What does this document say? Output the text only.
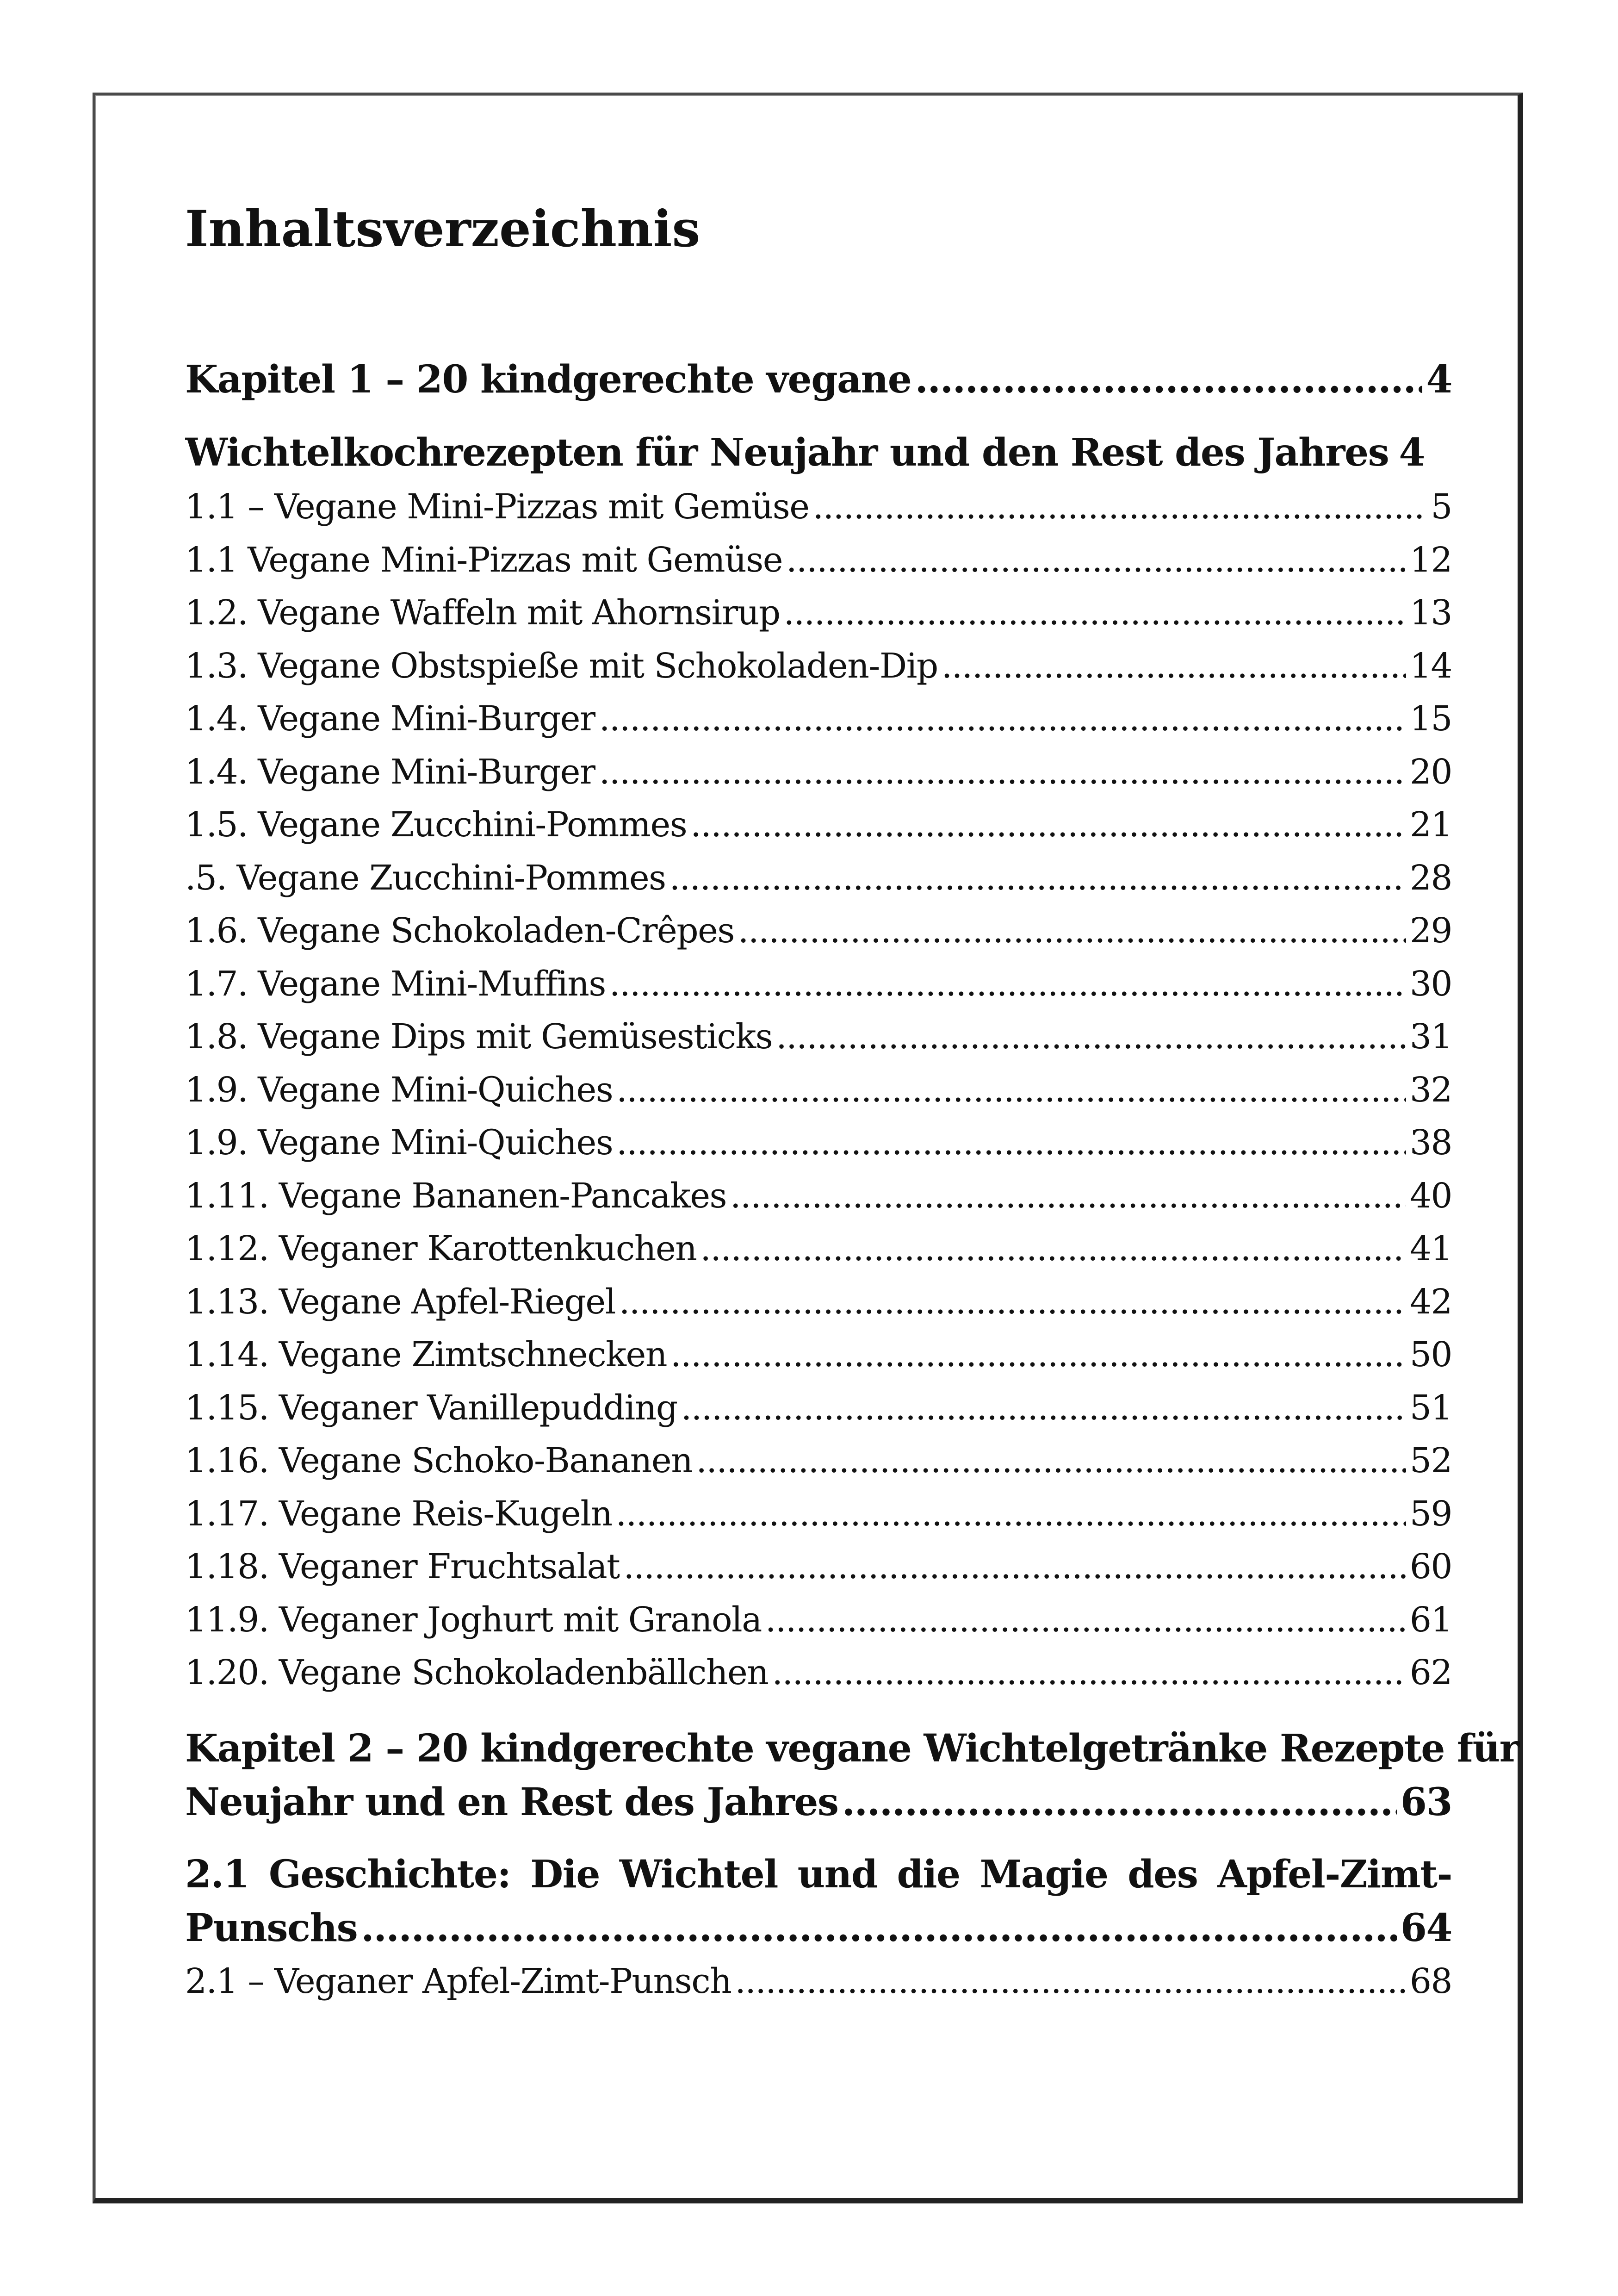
Inhaltsverzeichnis
Kapitel 1 – 20 kindgerechte vegane .....	4
Wichtelkochrezepten für Neujahr und den Rest des Jahres 4
1.1 – Vegane Mini-Pizzas mit Gemüse .....	5
1.1 Vegane Mini-Pizzas mit Gemüse .....	12
1.2. Vegane Waffeln mit Ahornsirup .....	13
1.3. Vegane Obstspieße mit Schokoladen-Dip .....	14
1.4. Vegane Mini-Burger .....	15
1.4. Vegane Mini-Burger .....	20
1.5. Vegane Zucchini-Pommes .....	21
.5. Vegane Zucchini-Pommes .....	28
1.6. Vegane Schokoladen-Crêpes .....	29
1.7. Vegane Mini-Muffins .....	30
1.8. Vegane Dips mit Gemüsesticks .....	31
1.9. Vegane Mini-Quiches .....	32
1.9. Vegane Mini-Quiches .....	38
1.11. Vegane Bananen-Pancakes .....	40
1.12. Veganer Karottenkuchen .....	41
1.13. Vegane Apfel-Riegel .....	42
1.14. Vegane Zimtschnecken .....	50
1.15. Veganer Vanillepudding .....	51
1.16. Vegane Schoko-Bananen .....	52
1.17. Vegane Reis-Kugeln .....	59
1.18. Veganer Fruchtsalat .....	60
11.9. Veganer Joghurt mit Granola .....	61
1.20. Vegane Schokoladenbällchen .....	62
Kapitel 2 – 20 kindgerechte vegane Wichtelgetränke Rezepte für
Neujahr und en Rest des Jahres .....	63
2.1 Geschichte: Die Wichtel und die Magie des Apfel-Zimt-
Punschs .....	64
2.1 – Veganer Apfel-Zimt-Punsch .....	68
